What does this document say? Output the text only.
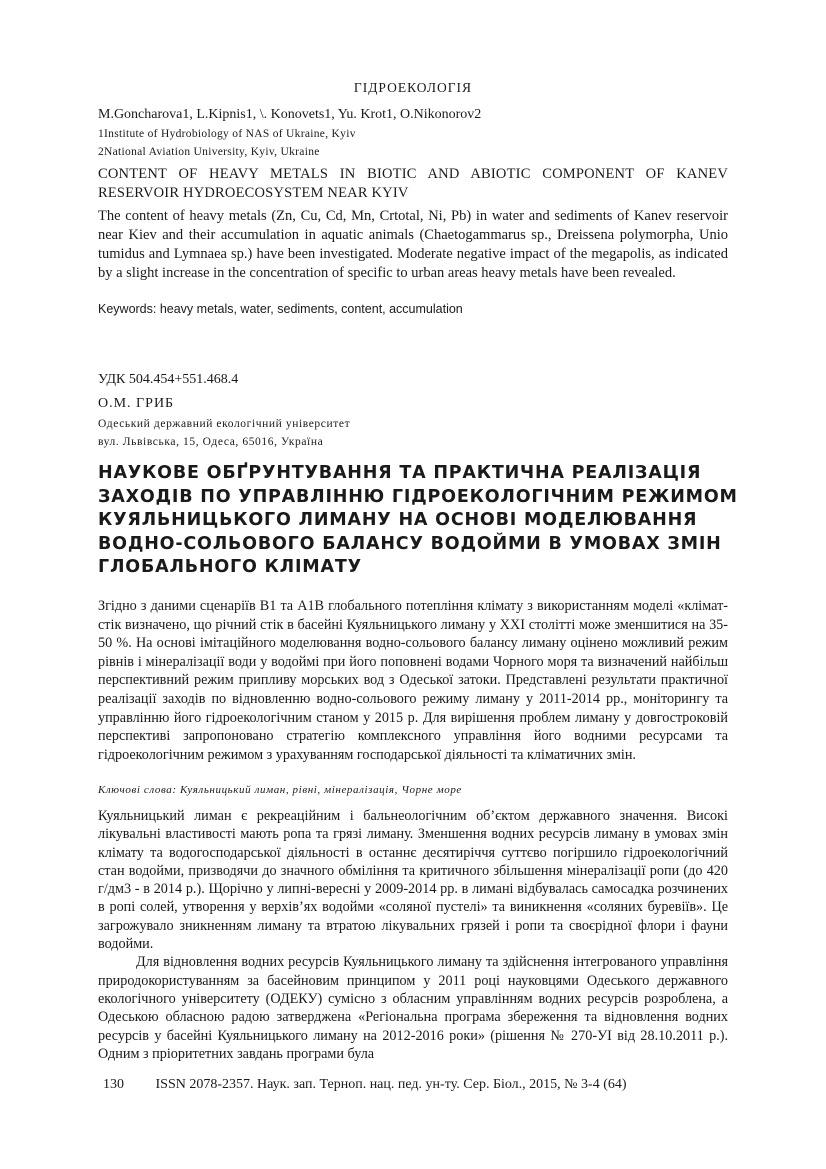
ГІДРОЕКОЛОГІЯ
M.Goncharova1, L.Kipnis1, \. Konovets1, Yu. Krot1, O.Nikonorov2
1Institute of Hydrobiology of NAS of Ukraine, Kyiv
2National Aviation University, Kyiv, Ukraine
CONTENT OF HEAVY METALS IN BIOTIC AND ABIOTIC COMPONENT OF KANEV RESERVOIR HYDROECOSYSTEM NEAR KYIV
The content of heavy metals (Zn, Cu, Cd, Mn, Crtotal, Ni, Pb) in water and sediments of Kanev reservoir near Kiev and their accumulation in aquatic animals (Chaetogammarus sp., Dreissena polymorpha, Unio tumidus and Lymnaea sp.) have been investigated. Moderate negative impact of the megapolis, as indicated by a slight increase in the concentration of specific to urban areas heavy metals have been revealed.
Keywords: heavy metals, water, sediments, content, accumulation
УДК 504.454+551.468.4
О.М. ГРИБ
Одеський державний екологічний університет
вул. Львівська, 15, Одеса, 65016, Україна
НАУКОВЕ ОБҐРУНТУВАННЯ ТА ПРАКТИЧНА РЕАЛІЗАЦІЯ
ЗАХОДІВ ПО УПРАВЛІННЮ ГІДРОЕКОЛОГІЧНИМ РЕЖИМОМ
КУЯЛЬНИЦЬКОГО ЛИМАНУ НА ОСНОВІ МОДЕЛЮВАННЯ
ВОДНО-СОЛЬОВОГО БАЛАНСУ ВОДОЙМИ В УМОВАХ ЗМІН
ГЛОБАЛЬНОГО КЛІМАТУ
Згідно з даними сценаріїв B1 та A1B глобального потепління клімату з використанням моделі «клімат-стік визначено, що річний стік в басейні Куяльницького лиману у XXI столітті може зменшитися на 35-50 %. На основі імітаційного моделювання водно-сольового балансу лиману оцінено можливий режим рівнів і мінералізації води у водоймі при його поповнені водами Чорного моря та визначений найбільш перспективний режим припливу морських вод з Одеської затоки. Представлені результати практичної реалізації заходів по відновленню водно-сольового режиму лиману у 2011-2014 рр., моніторингу та управлінню його гідроекологічним станом у 2015 р. Для вирішення проблем лиману у довгостроковій перспективі запропоновано стратегію комплексного управління його водними ресурсами та гідроекологічним режимом з урахуванням господарської діяльності та кліматичних змін.
Ключові слова: Куяльницький лиман, рівні, мінералізація, Чорне море

Куяльницький лиман є рекреаційним і бальнеологічним об’єктом державного значення. Високі лікувальні властивості мають ропа та грязі лиману. Зменшення водних ресурсів лиману в умовах змін клімату та водогосподарської діяльності в останнє десятиріччя суттєво погіршило гідроекологічний стан водойми, призводячи до значного обміління та критичного збільшення мінералізації ропи (до 420 г/дм3 - в 2014 р.). Щорічно у липні-вересні у 2009-2014 рр. в лимані відбувалась самосадка розчинених в ропі солей, утворення у верхів’ях водойми «соляної пустелі» та виникнення «соляних буревіїв». Це загрожувало зникненням лиману та втратою лікувальних грязей і ропи та своєрідної флори і фауни водойми.

Для відновлення водних ресурсів Куяльницького лиману та здійснення інтегрованого управління природокористуванням за басейновим принципом у 2011 році науковцями Одеського державного екологічного університету (ОДЕКУ) сумісно з обласним управлінням водних ресурсів розроблена, а Одеською обласною радою затверджена «Регіональна програма збереження та відновлення водних ресурсів у басейні Куяльницького лиману на 2012-2016 роки» (рішення № 270-УІ від 28.10.2011 р.). Одним з пріоритетних завдань програми була

130 ISSN 2078-2357. Наук. зап. Терноп. нац. пед. ун-ту. Сер. Біол., 2015, № 3-4 (64)
